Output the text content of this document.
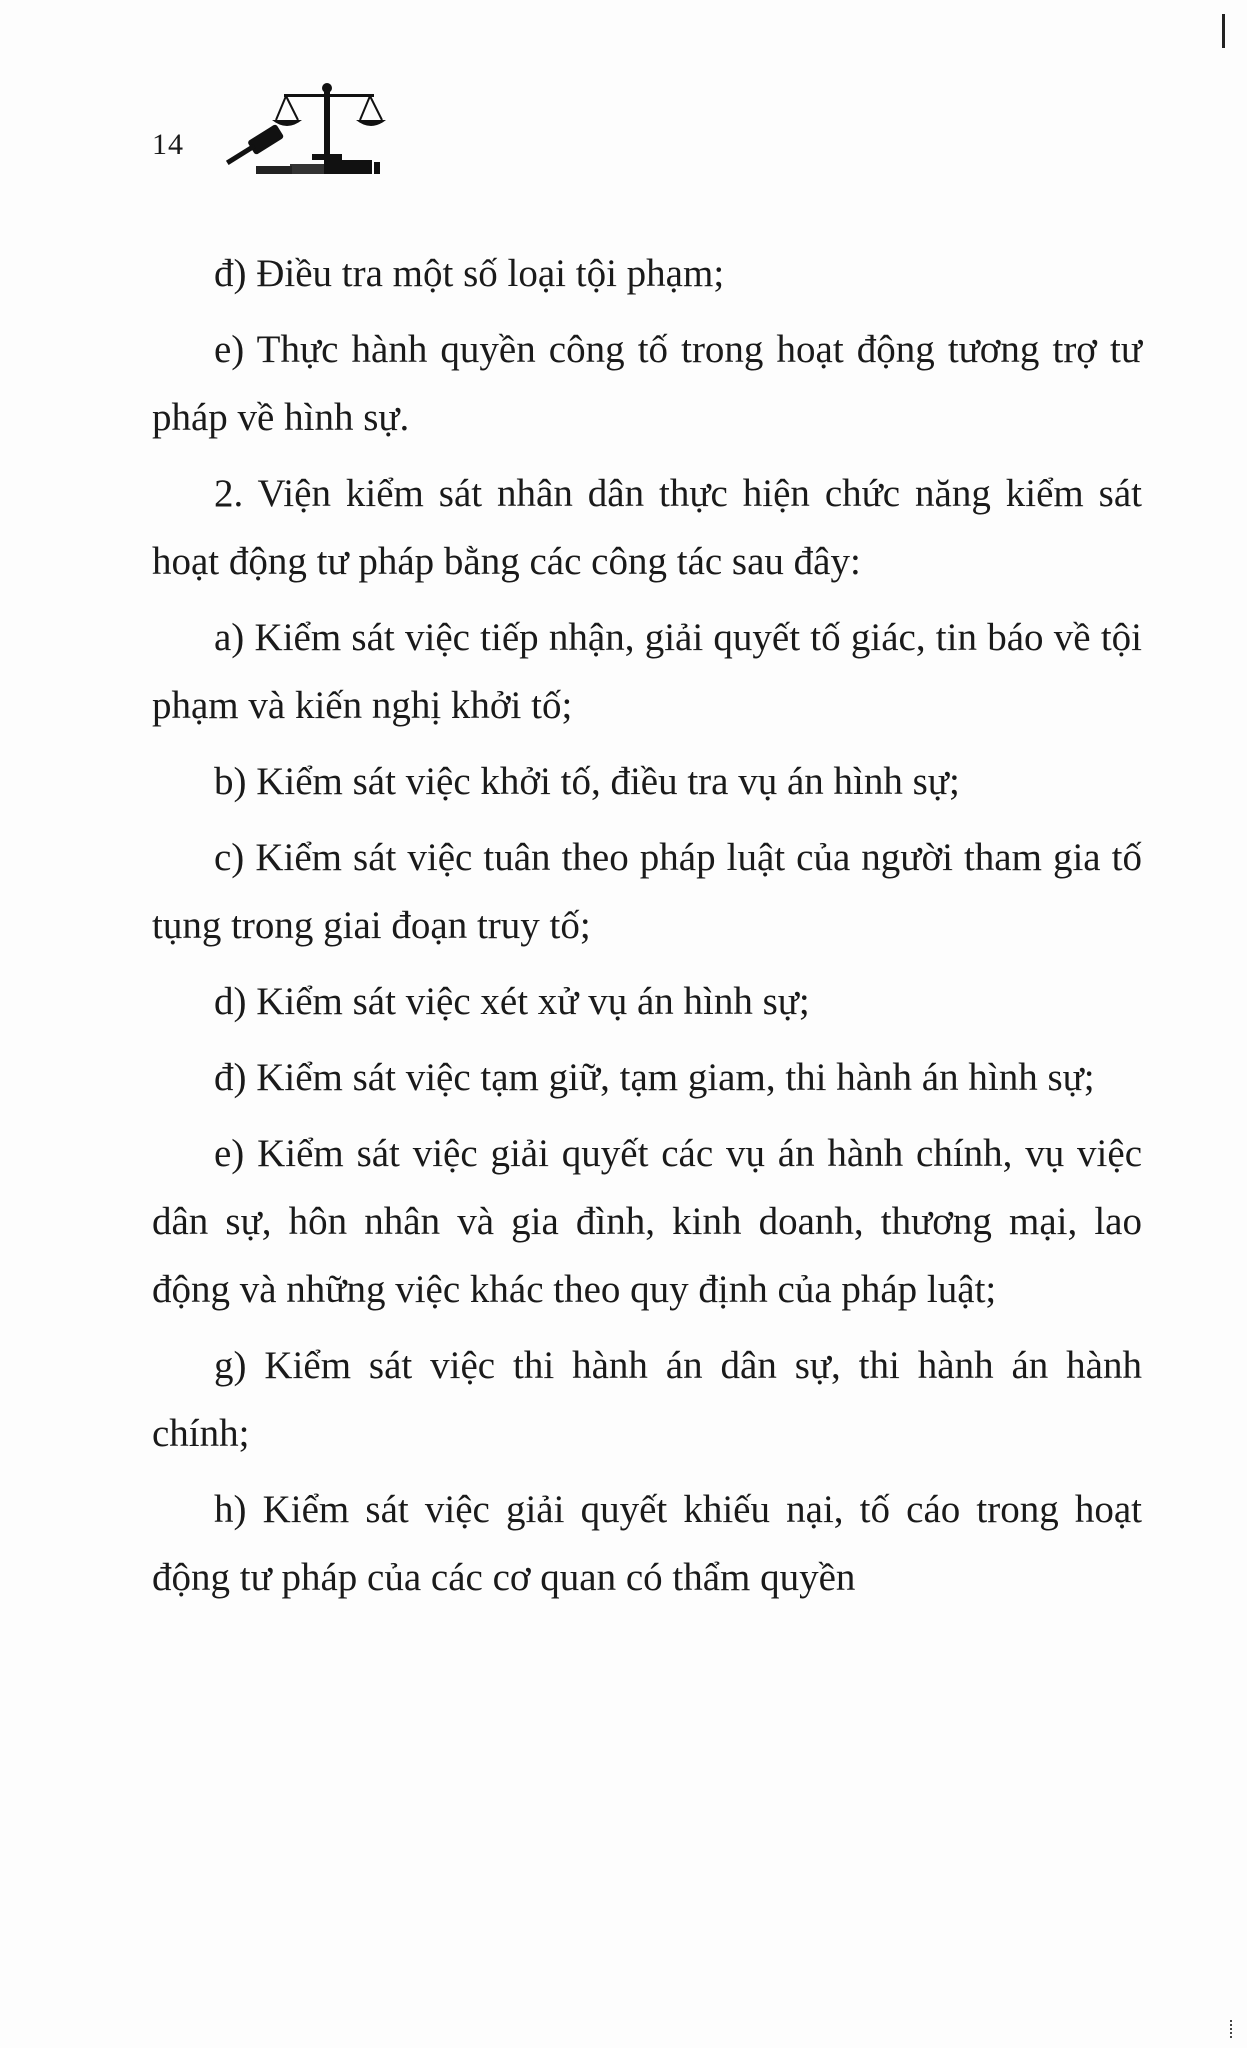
14

đ) Điều tra một số loại tội phạm;

e) Thực hành quyền công tố trong hoạt động tương trợ tư pháp về hình sự.

2. Viện kiểm sát nhân dân thực hiện chức năng kiểm sát hoạt động tư pháp bằng các công tác sau đây:

a) Kiểm sát việc tiếp nhận, giải quyết tố giác, tin báo về tội phạm và kiến nghị khởi tố;

b) Kiểm sát việc khởi tố, điều tra vụ án hình sự;

c) Kiểm sát việc tuân theo pháp luật của người tham gia tố tụng trong giai đoạn truy tố;

d) Kiểm sát việc xét xử vụ án hình sự;

đ) Kiểm sát việc tạm giữ, tạm giam, thi hành án hình sự;

e) Kiểm sát việc giải quyết các vụ án hành chính, vụ việc dân sự, hôn nhân và gia đình, kinh doanh, thương mại, lao động và những việc khác theo quy định của pháp luật;

g) Kiểm sát việc thi hành án dân sự, thi hành án hành chính;

h) Kiểm sát việc giải quyết khiếu nại, tố cáo trong hoạt động tư pháp của các cơ quan có thẩm quyền
